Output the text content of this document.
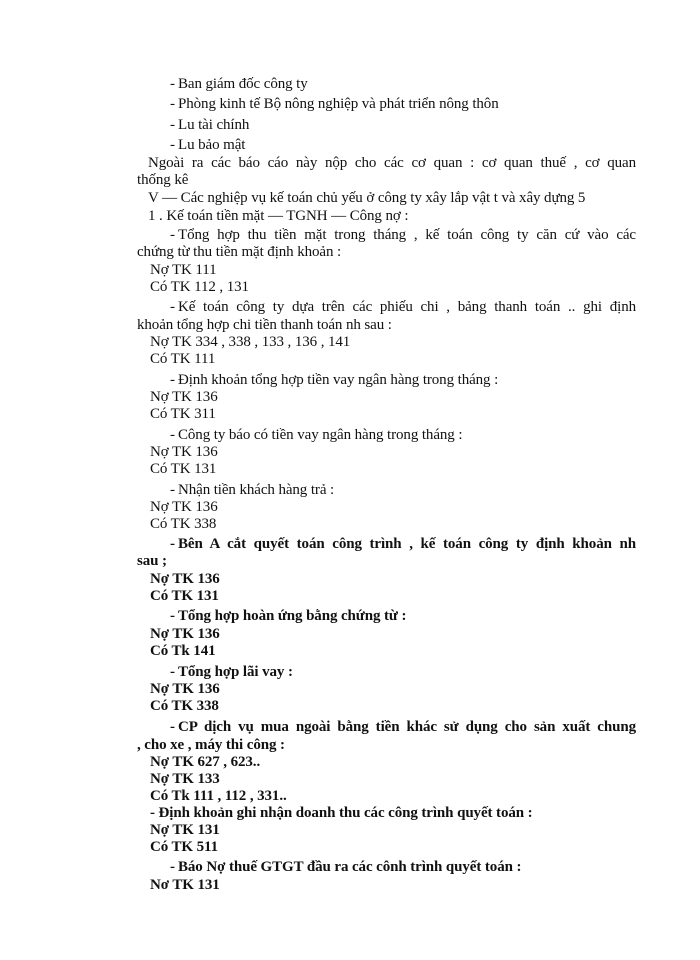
-Ban giám đốc công ty
-Phòng kinh tế Bộ nông nghiệp và phát triển nông thôn
-Lu tài chính
-Lu bảo mật
Ngoài ra các báo cáo này nộp cho các cơ quan : cơ quan thuế , cơ quan
thống kê
V — Các nghiệp vụ kế toán chủ yếu ở công ty xây lắp vật t và xây dựng 5
1 . Kế toán tiền mặt — TGNH — Công nợ :
-Tổng hợp thu tiền mặt trong tháng , kế toán công ty căn cứ vào các
chứng từ thu tiền mặt định khoản :
Nợ TK 111
Có TK 112 , 131
-Kế toán công ty dựa trên các phiếu chi , bảng thanh toán .. ghi định
khoản tổng hợp chi tiền thanh toán nh sau :
Nợ TK 334 , 338 , 133 , 136 , 141
Có TK 111
-Định khoản tổng hợp tiền vay ngân hàng trong tháng :
Nợ TK 136
Có TK 311
-Công ty báo có tiền vay ngân hàng trong tháng :
Nợ TK 136
Có TK 131
-Nhận tiền khách hàng trả :
Nợ TK 136
Có TK 338
-Bên A cắt quyết toán công trình , kế toán công ty định khoản nh
sau ;
Nợ TK 136
Có TK 131
-Tổng hợp hoàn ứng bằng chứng từ :
Nợ TK 136
Có Tk 141
-Tổng hợp lãi vay :
Nợ TK 136
Có TK 338
-CP dịch vụ mua ngoài bằng tiền khác sử dụng cho sản xuất chung
, cho xe , máy thi công :
Nợ TK 627 , 623..
Nợ TK 133
Có Tk 111 , 112 , 331..
- Định khoản ghi nhận doanh thu các công trình quyết toán :
Nợ TK 131
Có TK 511
-Báo Nợ thuế GTGT đầu ra các cônh trình quyết toán :
Nơ TK 131
